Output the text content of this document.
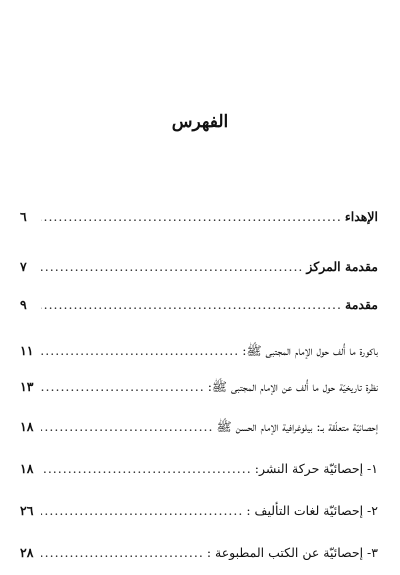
الفهرس
الإهداء
.....
٦
مقدمة المركز
.....
٧
مقدمة
.....
٩
باكورة ما أُلف حول الإمام المجتبى ﷺ:
.....
١١
نظرة تاريخيّة حول ما أُلف عن الإمام المجتبى ﷺ:
.....
١٣
إحصائيّة متعلّقة بـ: بيلوغرافية الإمام الحسن ﷺ
.....
١٨
١- إحصائيّة حركة النشر:
.....
١٨
٢- إحصائيّة لغات التأليف :
.....
٢٦
٣- إحصائيّة عن الكتب المطبوعة :
.....
٢٨
